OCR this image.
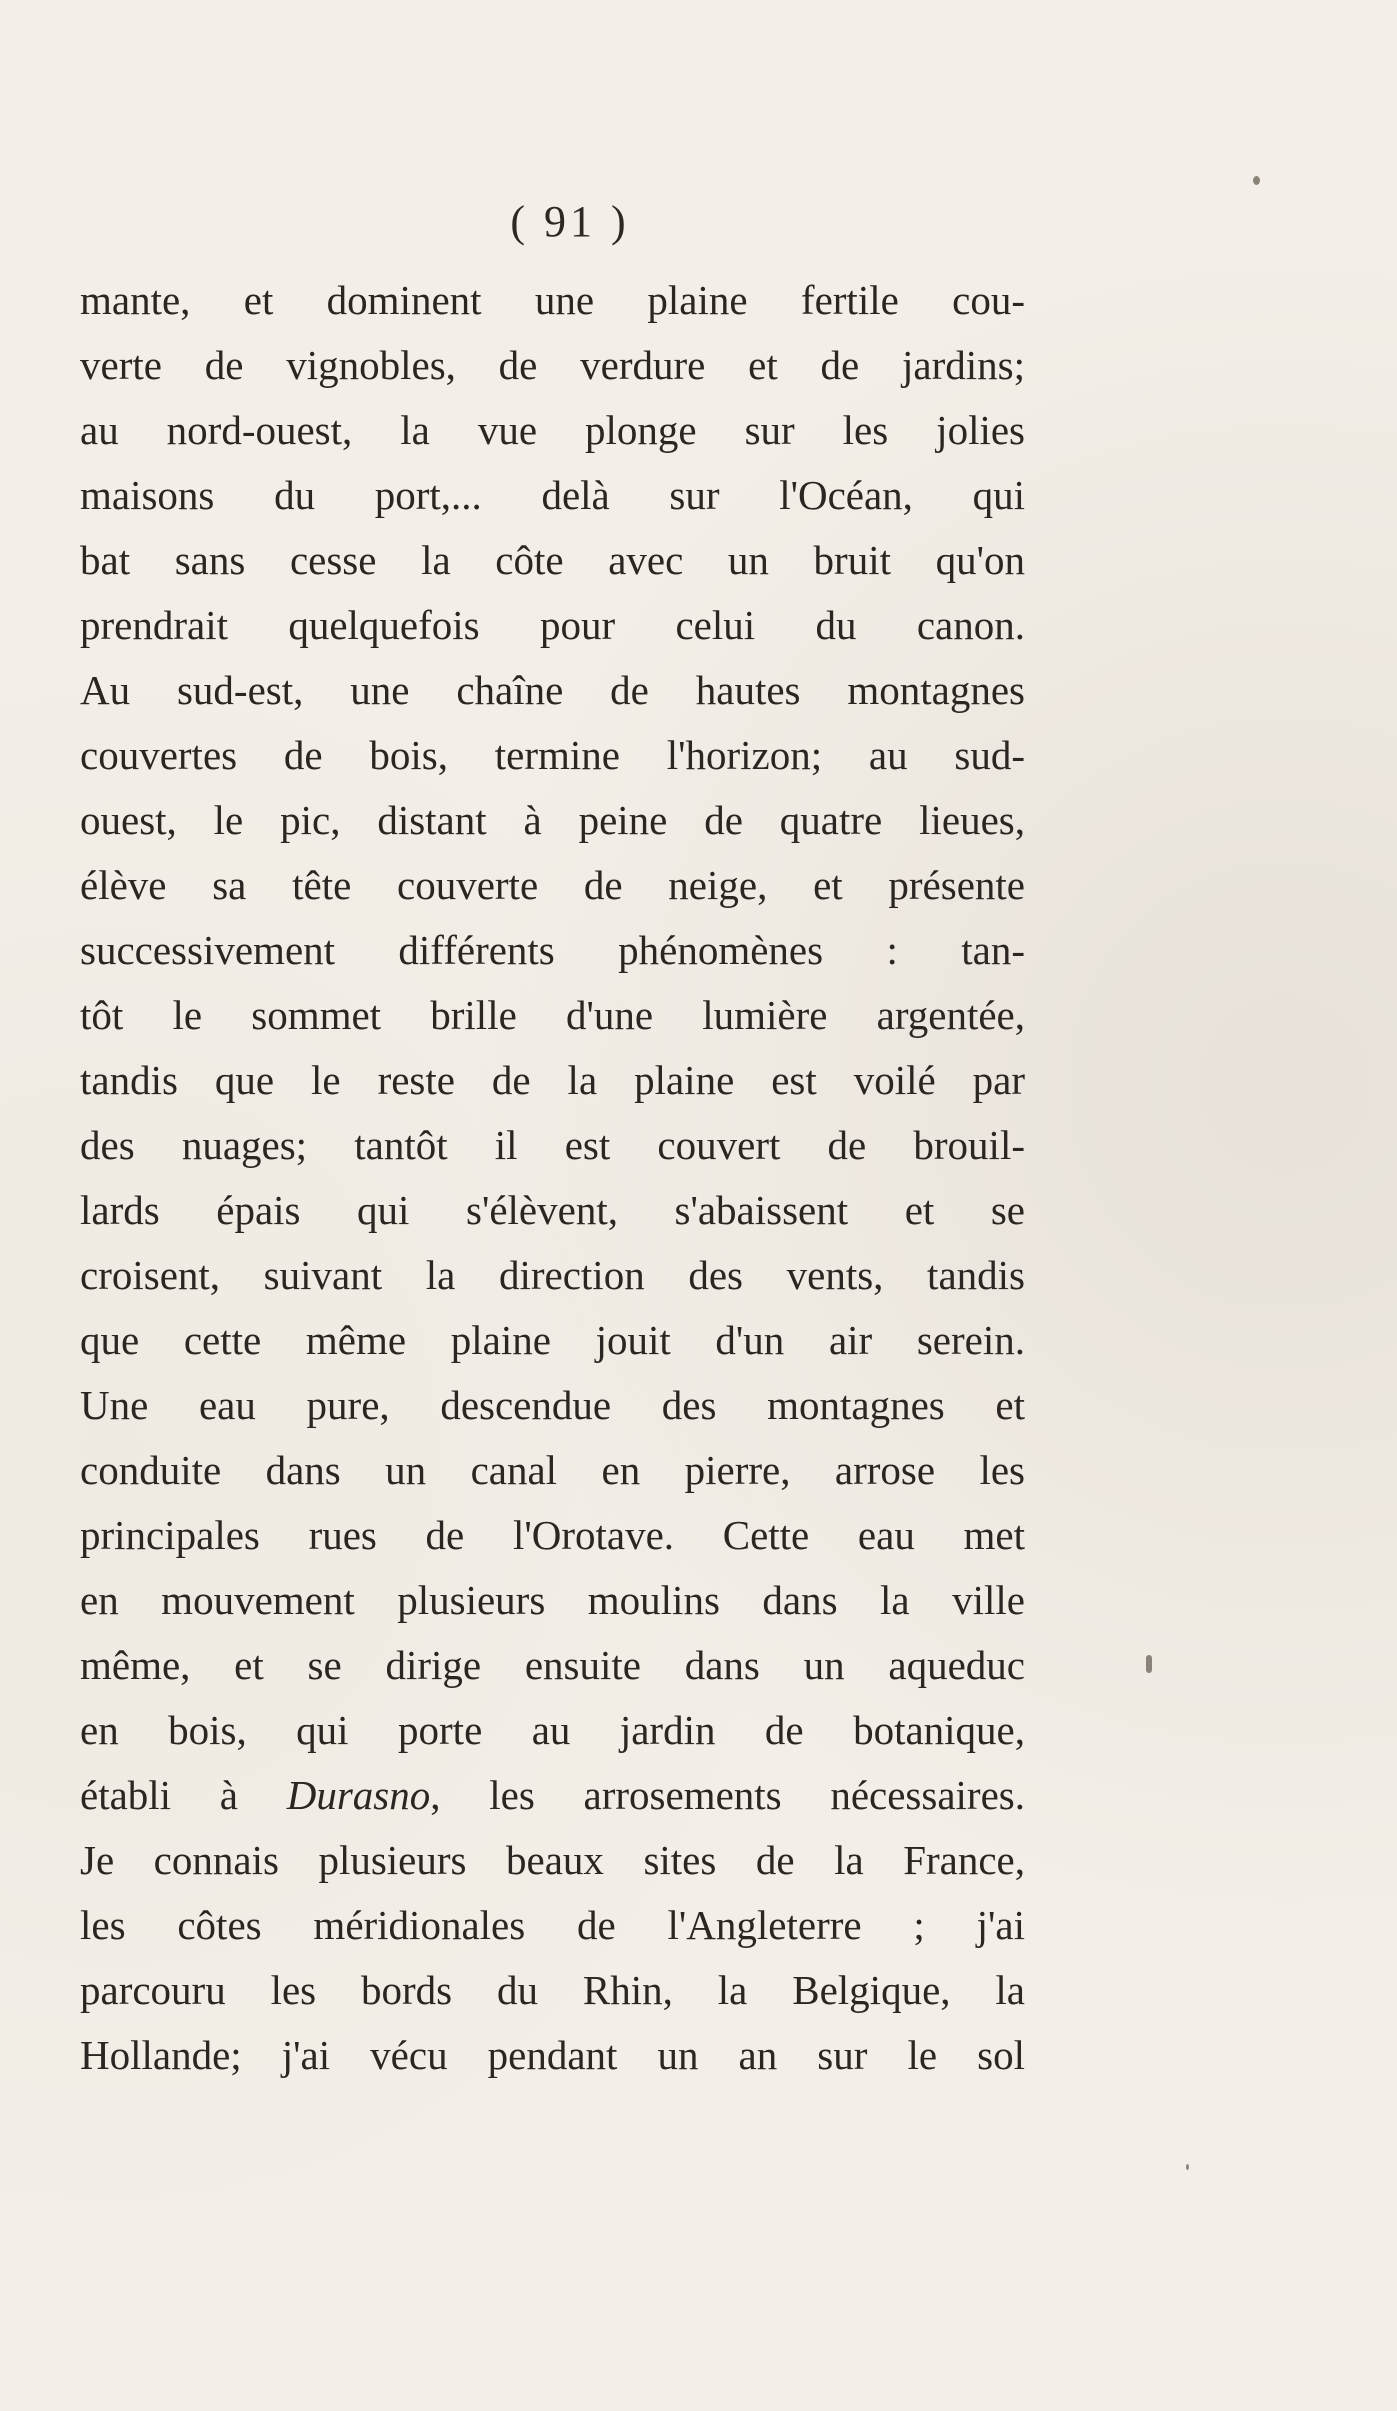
( 91 )
mante, et dominent une plaine fertile cou-
verte de vignobles, de verdure et de jardins;
au nord-ouest, la vue plonge sur les jolies
maisons du port,... delà sur l'Océan, qui
bat sans cesse la côte avec un bruit qu'on
prendrait quelquefois pour celui du canon.
Au sud-est, une chaîne de hautes montagnes
couvertes de bois, termine l'horizon; au sud-
ouest, le pic, distant à peine de quatre lieues,
élève sa tête couverte de neige, et présente
successivement différents phénomènes : tan-
tôt le sommet brille d'une lumière argentée,
tandis que le reste de la plaine est voilé par
des nuages; tantôt il est couvert de brouil-
lards épais qui s'élèvent, s'abaissent et se
croisent, suivant la direction des vents, tandis
que cette même plaine jouit d'un air serein.
Une eau pure, descendue des montagnes et
conduite dans un canal en pierre, arrose les
principales rues de l'Orotave. Cette eau met
en mouvement plusieurs moulins dans la ville
même, et se dirige ensuite dans un aqueduc
en bois, qui porte au jardin de botanique,
établi à Durasno, les arrosements nécessaires.
Je connais plusieurs beaux sites de la France,
les côtes méridionales de l'Angleterre ; j'ai
parcouru les bords du Rhin, la Belgique, la
Hollande; j'ai vécu pendant un an sur le sol
